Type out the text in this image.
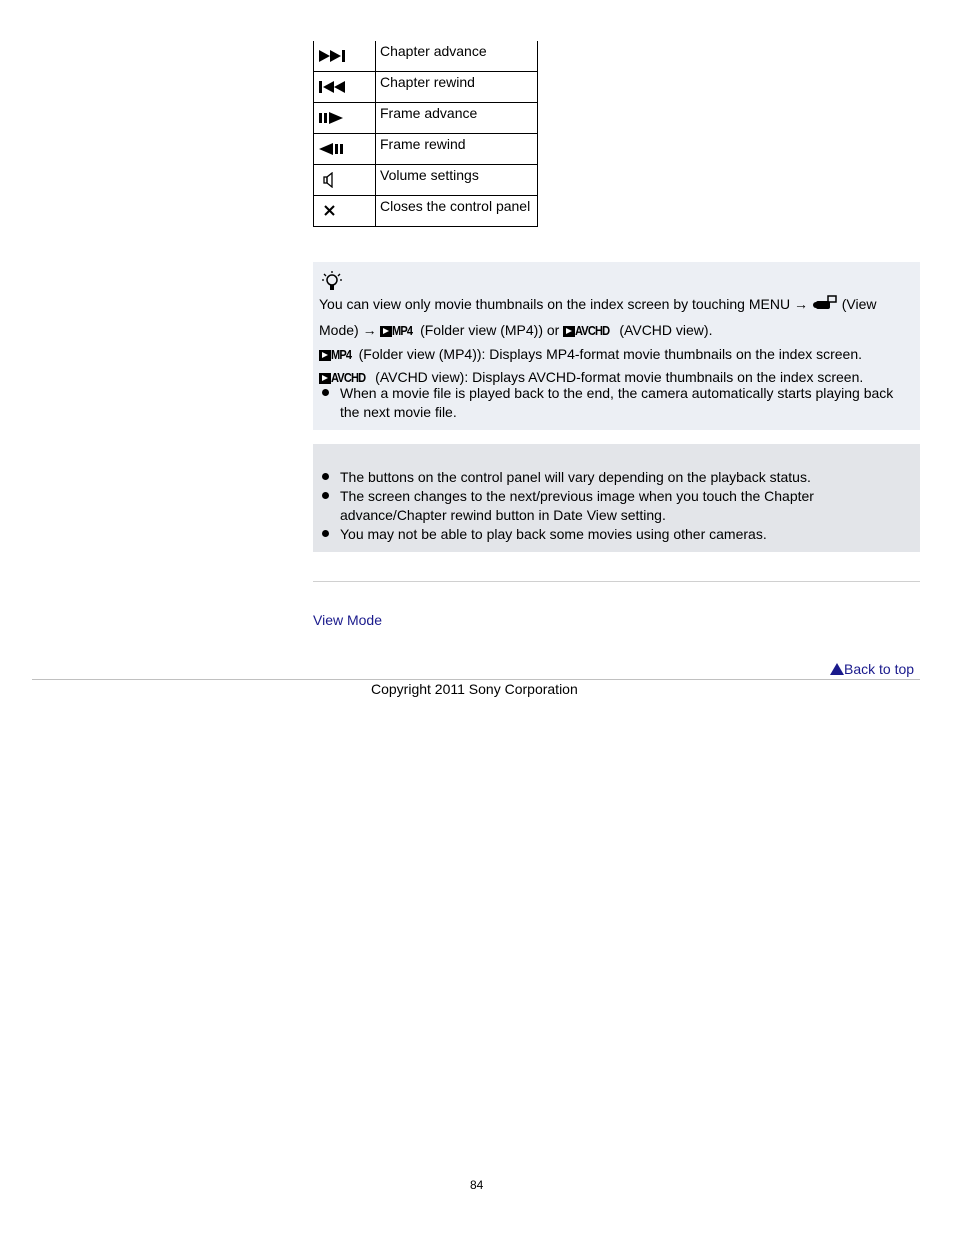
	Chapter advance

	Chapter rewind

	Frame advance

	Frame rewind

	Volume settings

	Closes the control panel
You can view only movie thumbnails on the index screen by touching MENU → (View
Mode) → MP4 (Folder view (MP4)) or AVCHD (AVCHD view).
MP4 (Folder view (MP4)): Displays MP4-format movie thumbnails on the index screen.
AVCHD (AVCHD view): Displays AVCHD-format movie thumbnails on the index screen.
When a movie file is played back to the end, the camera automatically starts playing back
the next movie file.
The buttons on the control panel will vary depending on the playback status.
The screen changes to the next/previous image when you touch the Chapter
advance/Chapter rewind button in Date View setting.
You may not be able to play back some movies using other cameras.
View Mode
Back to top
Copyright 2011 Sony Corporation
84
